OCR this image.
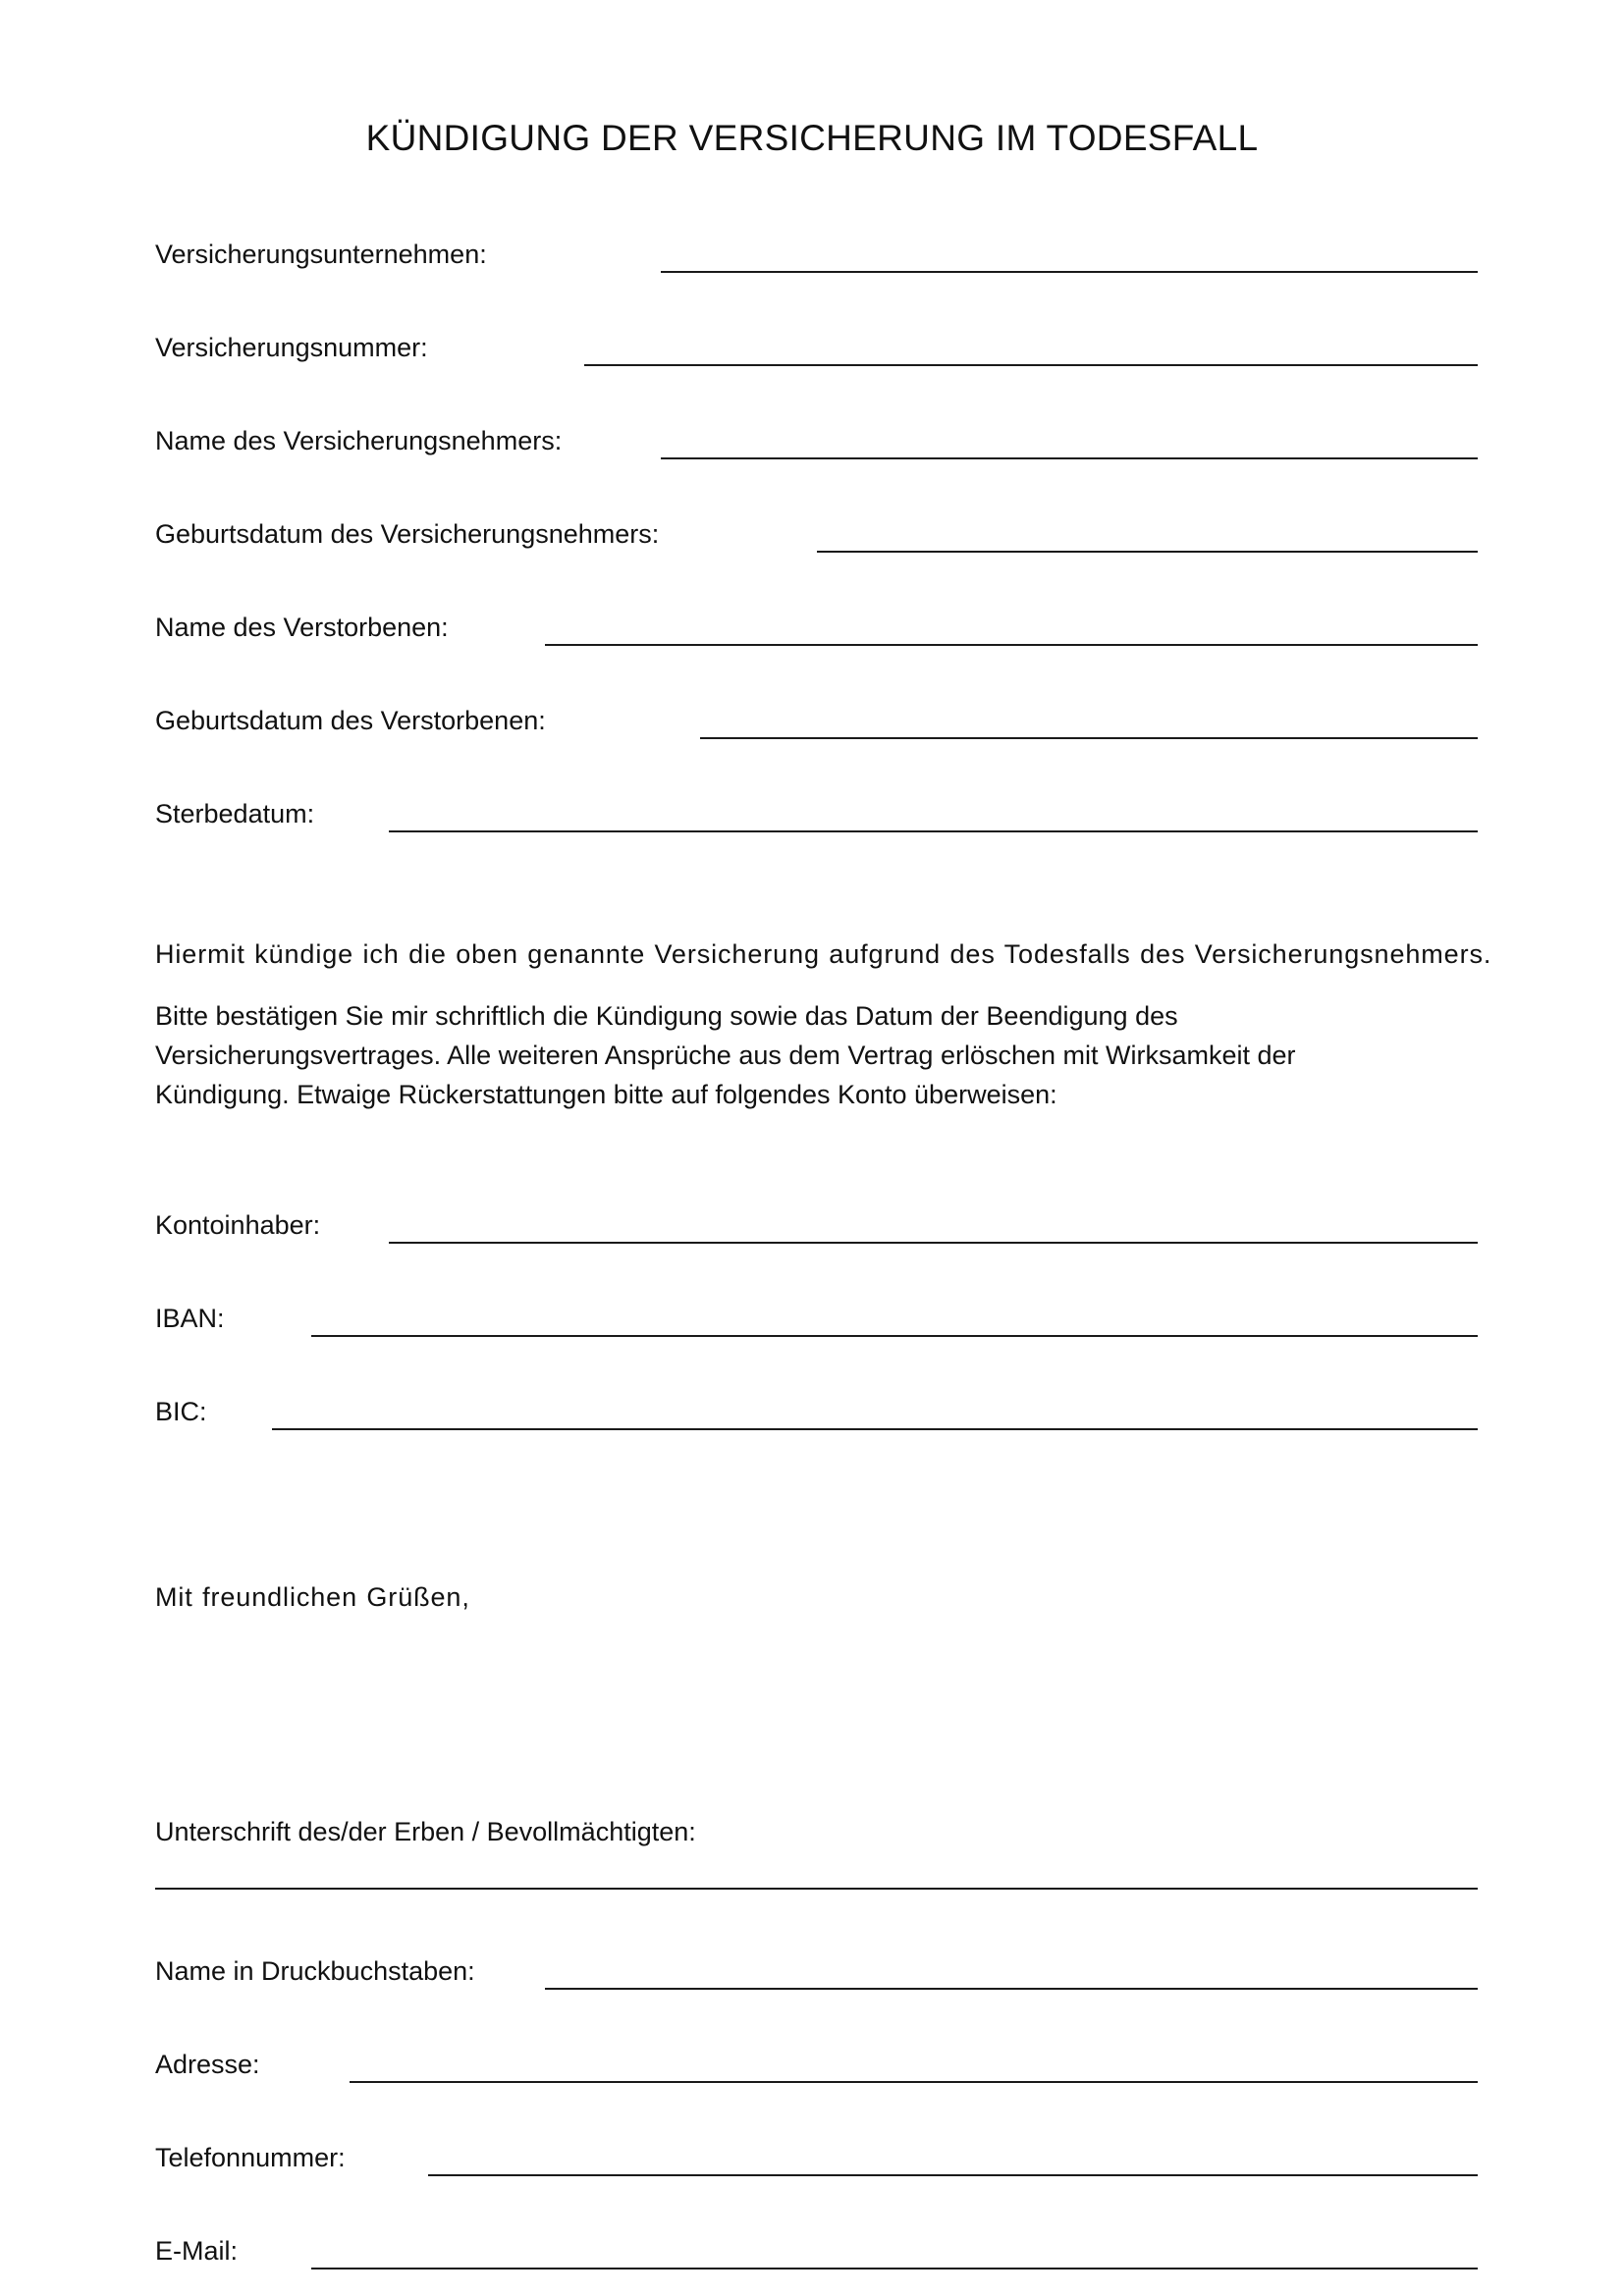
KÜNDIGUNG DER VERSICHERUNG IM TODESFALL
Versicherungsunternehmen:
Versicherungsnummer:
Name des Versicherungsnehmers:
Geburtsdatum des Versicherungsnehmers:
Name des Verstorbenen:
Geburtsdatum des Verstorbenen:
Sterbedatum:
Hiermit kündige ich die oben genannte Versicherung aufgrund des Todesfalls des Versicherungsnehmers.
Bitte bestätigen Sie mir schriftlich die Kündigung sowie das Datum der Beendigung des
Versicherungsvertrages. Alle weiteren Ansprüche aus dem Vertrag erlöschen mit Wirksamkeit der
Kündigung. Etwaige Rückerstattungen bitte auf folgendes Konto überweisen:
Kontoinhaber:
IBAN:
BIC:
Mit freundlichen Grüßen,
Unterschrift des/der Erben / Bevollmächtigten:
Name in Druckbuchstaben:
Adresse:
Telefonnummer:
E-Mail:
